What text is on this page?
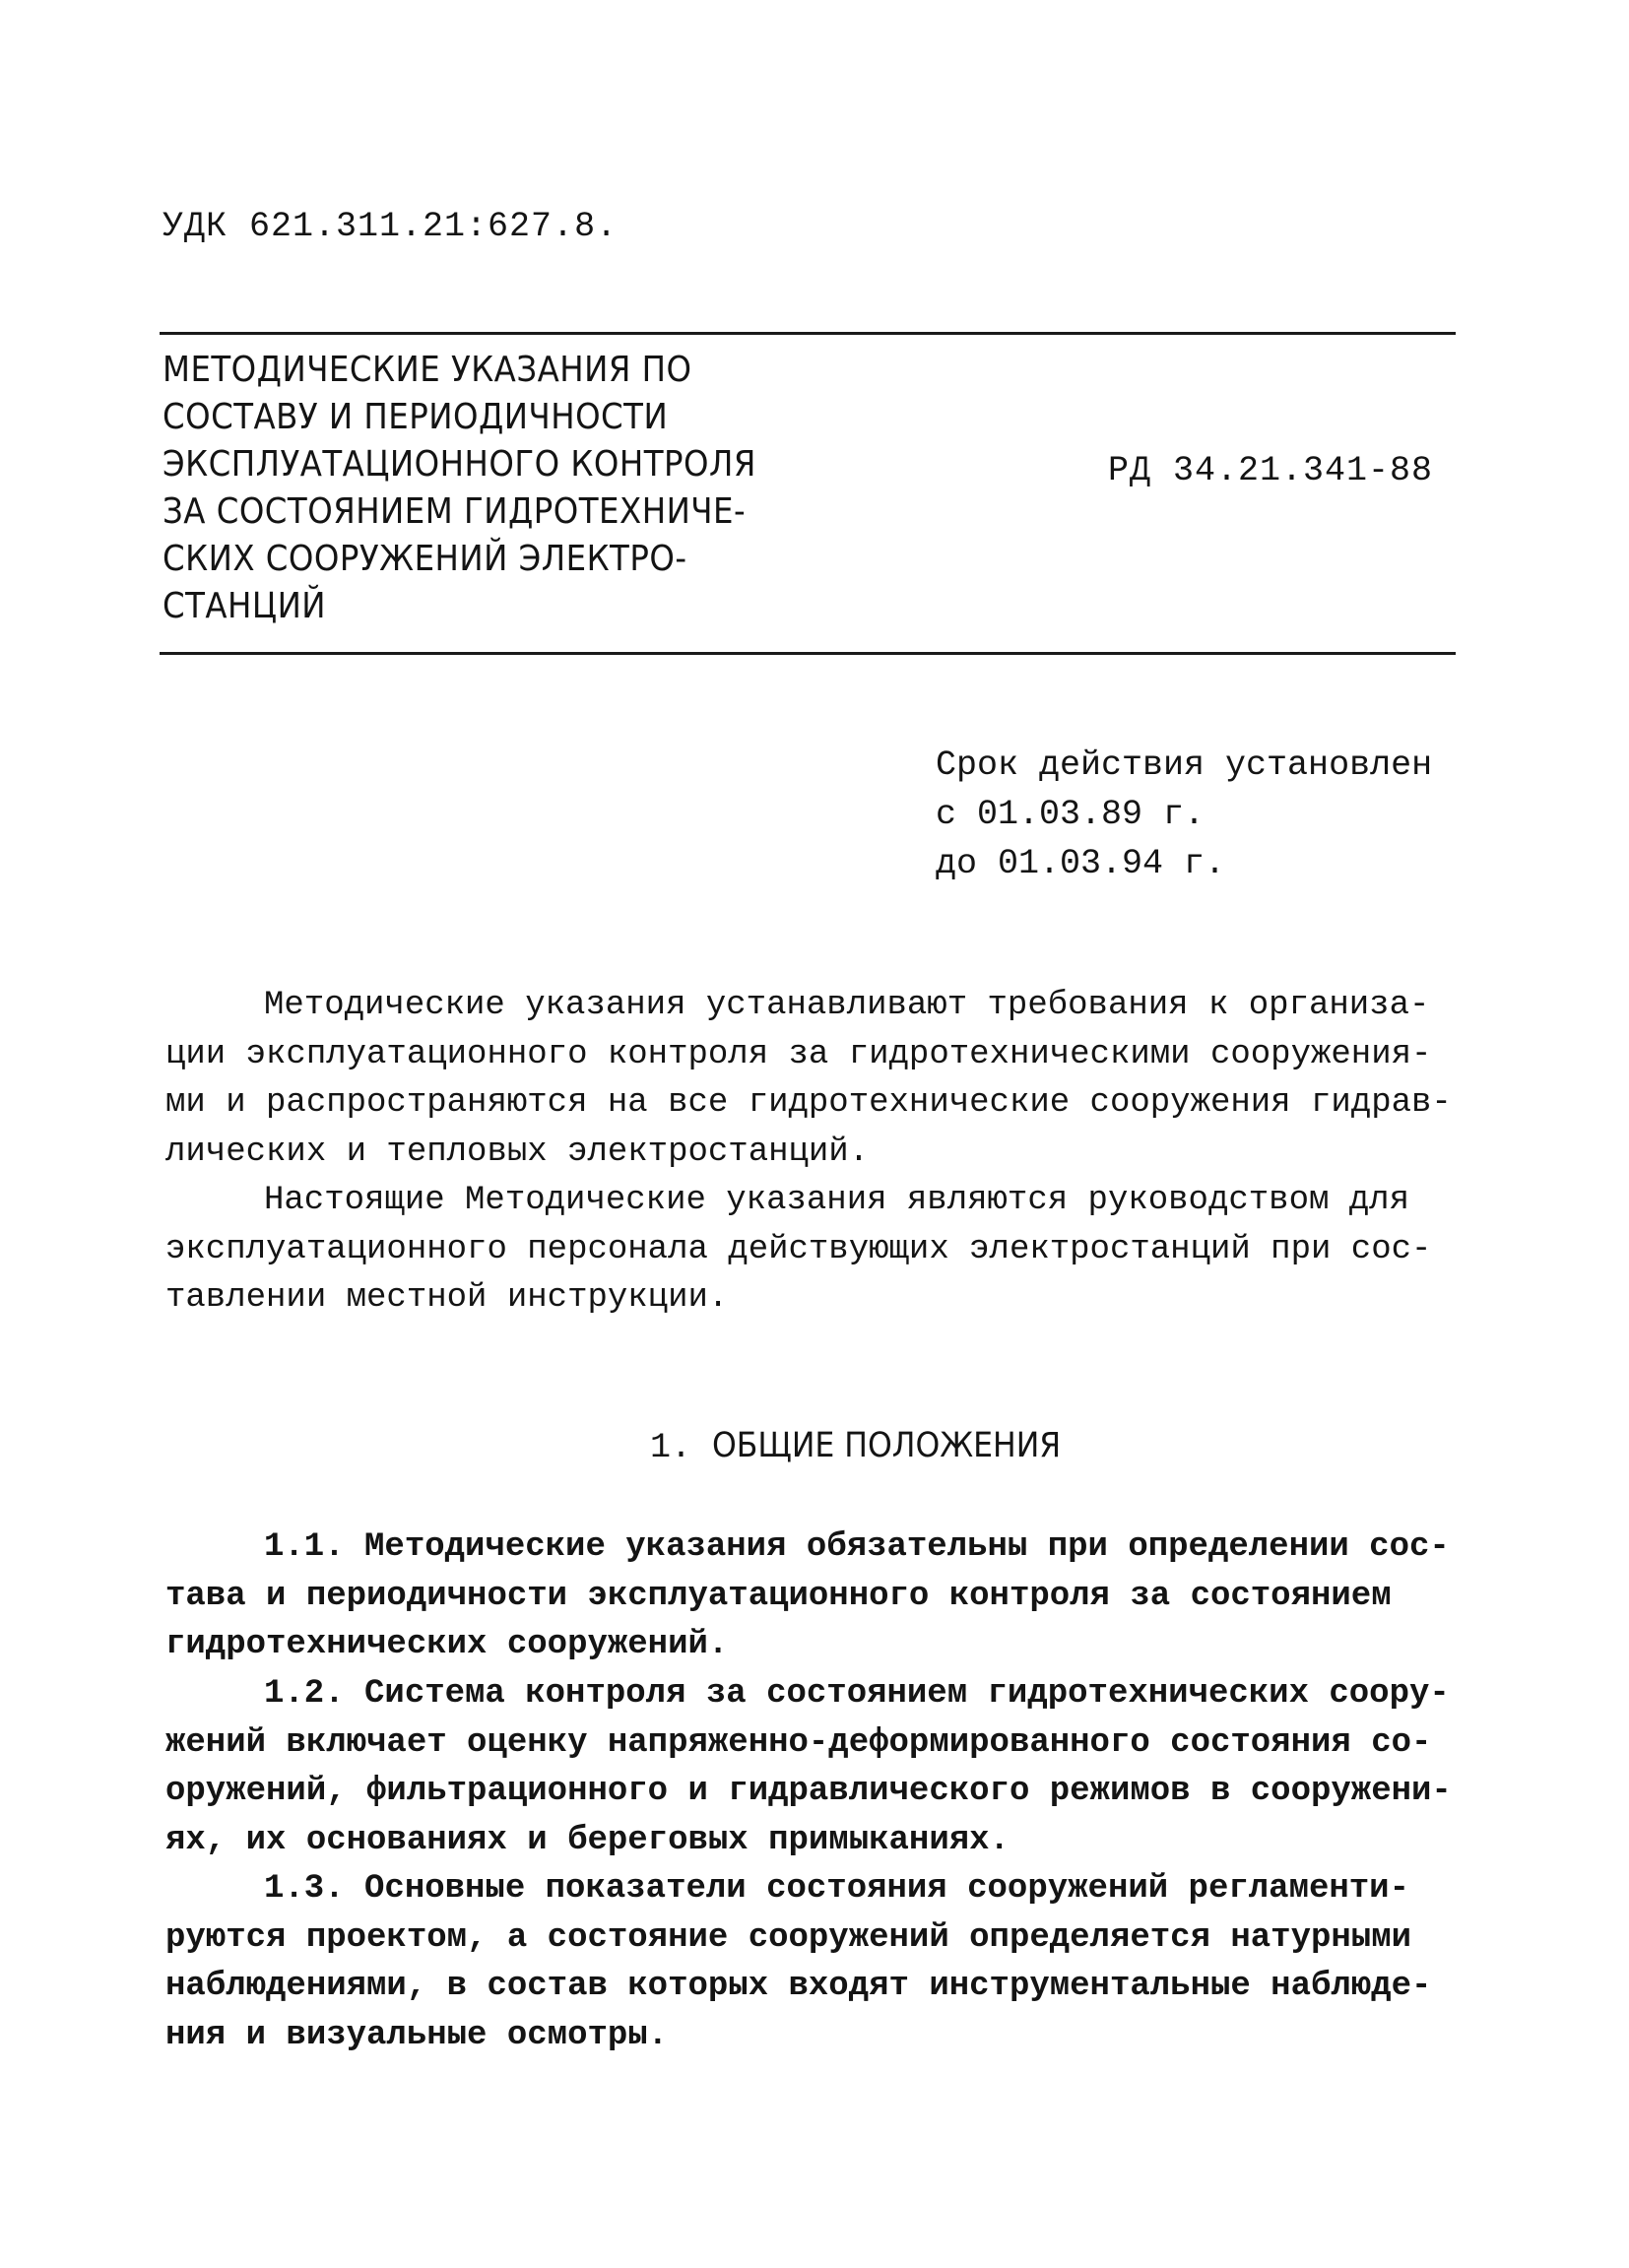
УДК 621.311.21:627.8.
МЕТОДИЧЕСКИЕ УКАЗАНИЯ ПО
СОСТАВУ И ПЕРИОДИЧНОСТИ
ЭКСПЛУАТАЦИОННОГО КОНТРОЛЯ
ЗА СОСТОЯНИЕМ ГИДРОТЕХНИЧЕ-
СКИХ СООРУЖЕНИЙ ЭЛЕКТРО-
СТАНЦИЙ
РД 34.21.341-88
Срок действия установлен
с 01.03.89 г.
до 01.03.94 г.
Методические указания устанавливают требования к организа-
ции эксплуатационного контроля за гидротехническими сооружения-
ми и распространяются на все гидротехнические сооружения гидрав-
лических и тепловых электростанций.
Настоящие Методические указания являются руководством для
эксплуатационного персонала действующих электростанций при сос-
тавлении местной инструкции.
1. ОБЩИЕ ПОЛОЖЕНИЯ
1.1. Методические указания обязательны при определении сос-
тава и периодичности эксплуатационного контроля за состоянием
гидротехнических сооружений.
1.2. Система контроля за состоянием гидротехнических соору-
жений включает оценку напряженно-деформированного состояния со-
оружений, фильтрационного и гидравлического режимов в сооружени-
ях, их основаниях и береговых примыканиях.
1.3. Основные показатели состояния сооружений регламенти-
руются проектом, а состояние сооружений определяется натурными
наблюдениями, в состав которых входят инструментальные наблюде-
ния и визуальные осмотры.
